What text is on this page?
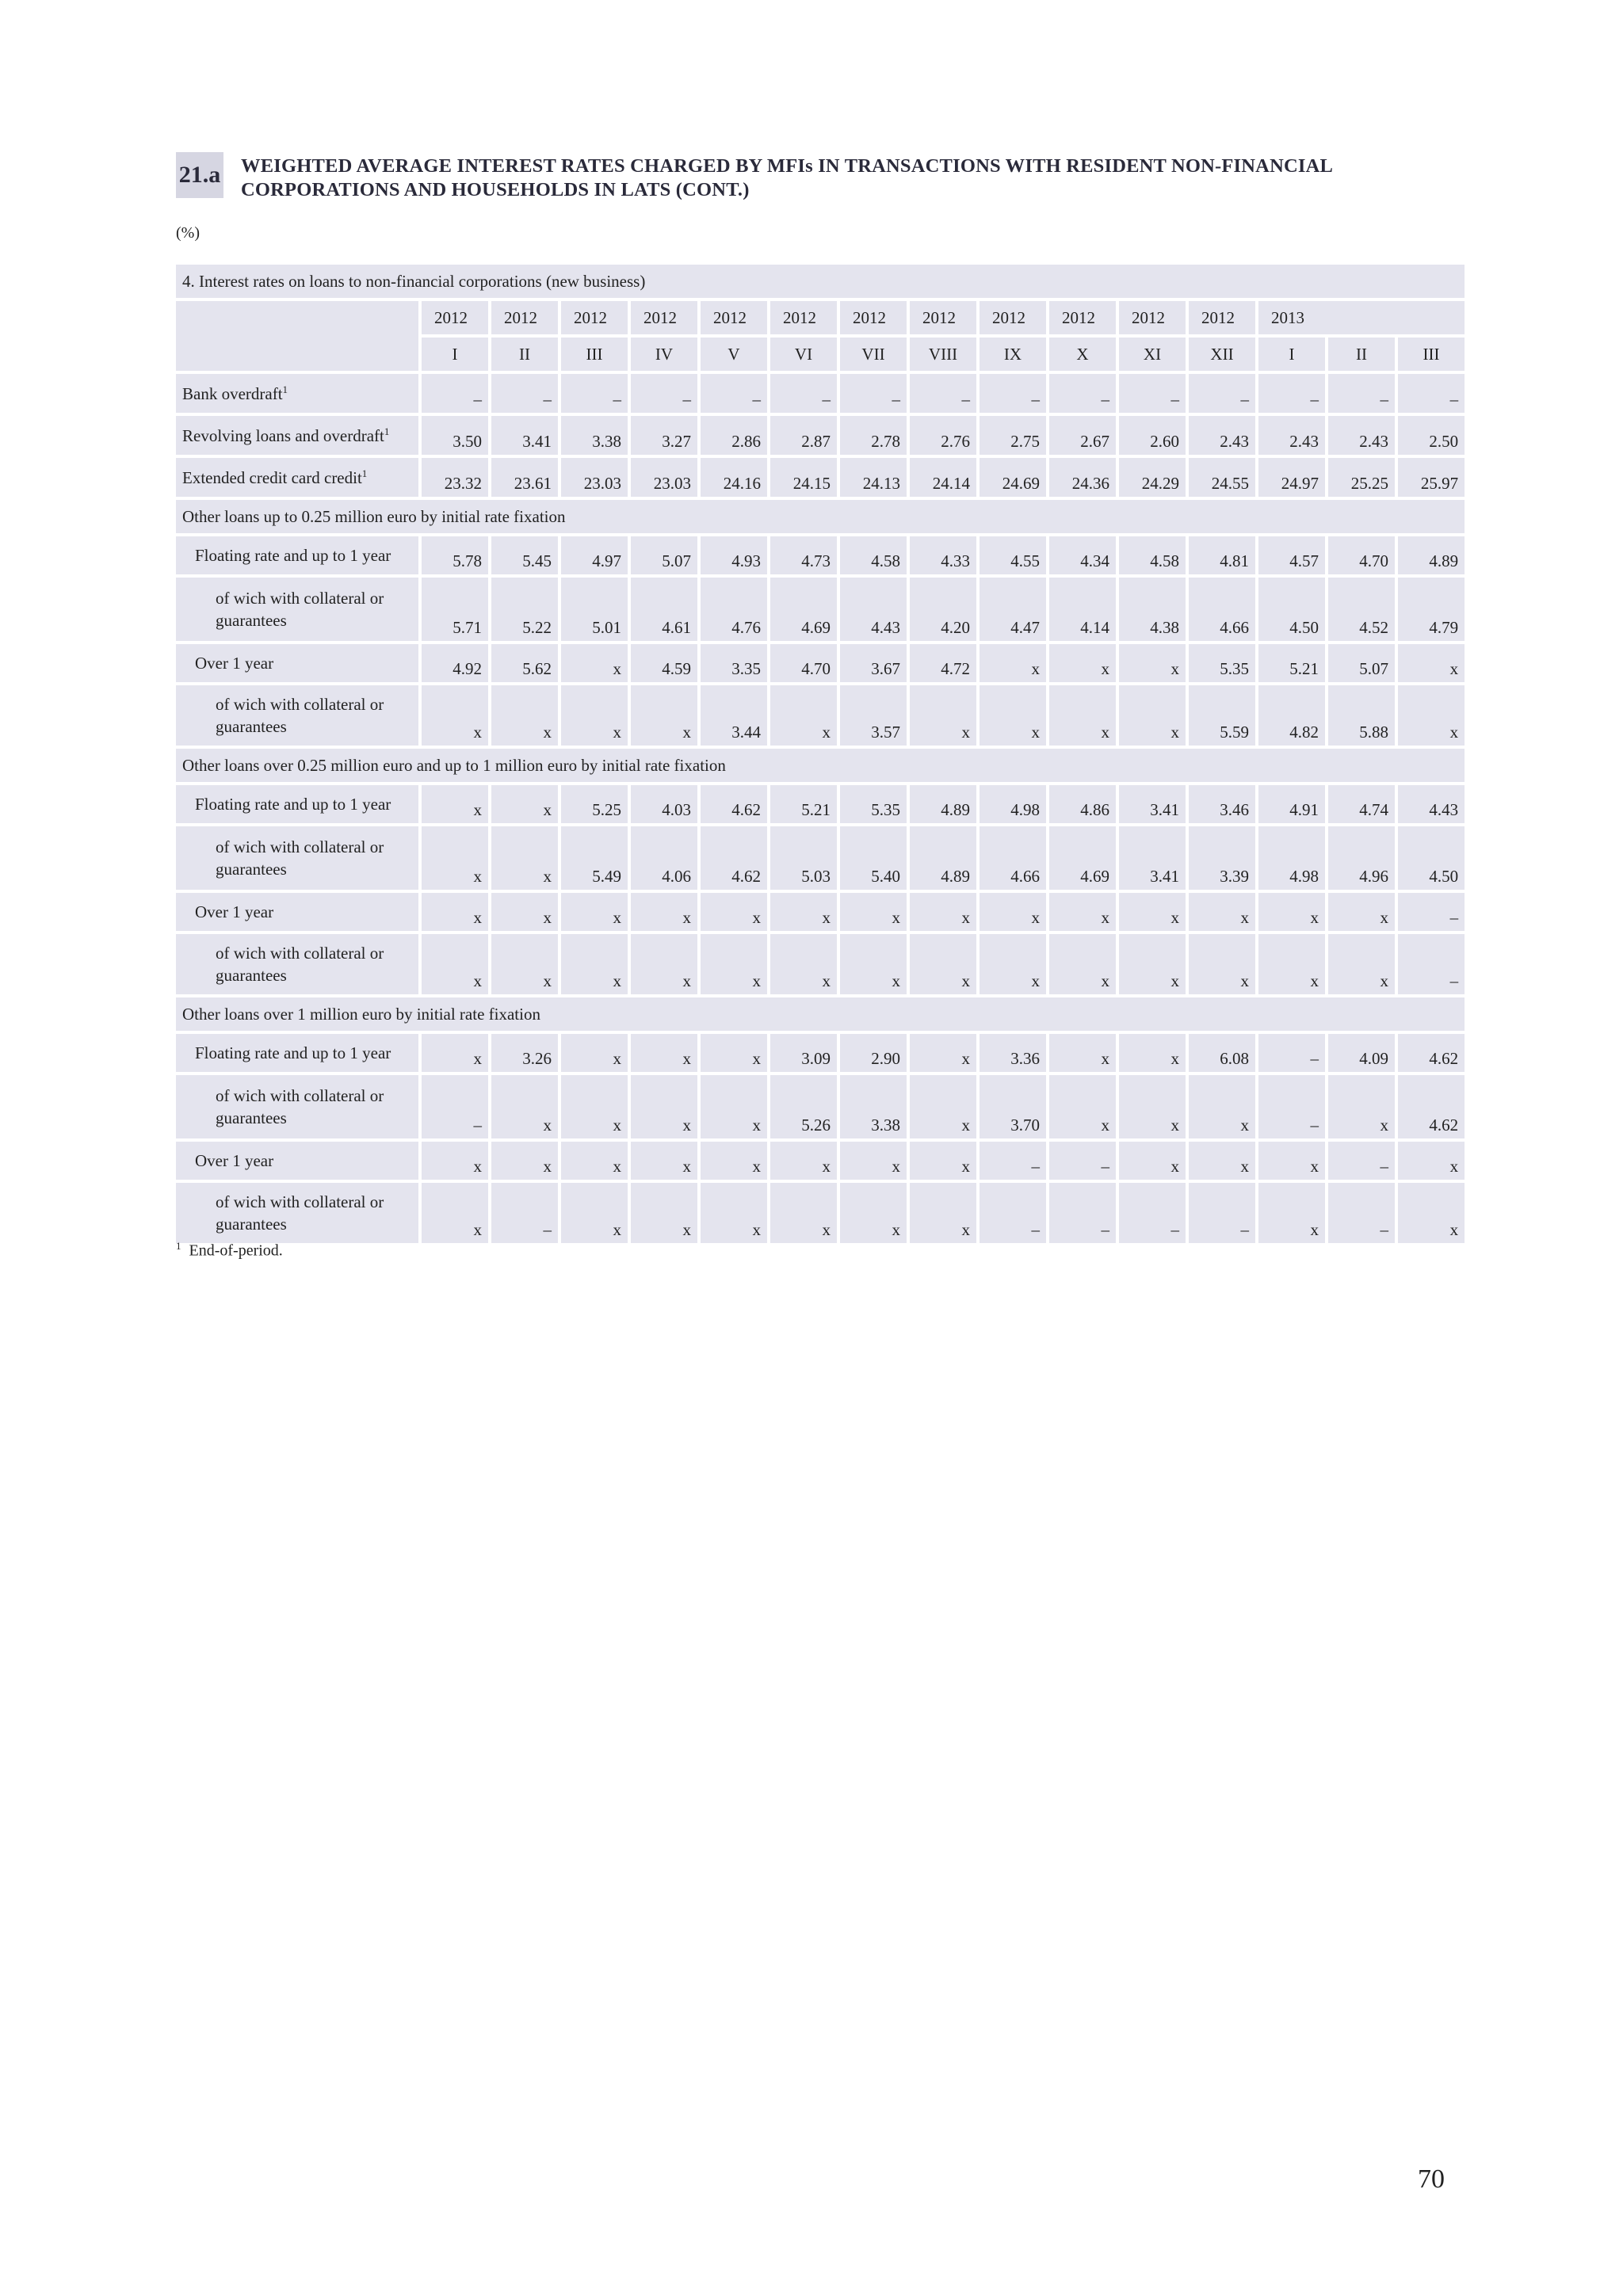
21.a WEIGHTED AVERAGE INTEREST RATES CHARGED BY MFIs IN TRANSACTIONS WITH RESIDENT NON-FINANCIAL
CORPORATIONS AND HOUSEHOLDS IN LATS (CONT.)
(%)
4. Interest rates on loans to non-financial corporations (new business)															
	2012	2012	2012	2012	2012	2012	2012	2012	2012	2012	2012	2012	2013		
	I	II	III	IV	V	VI	VII	VIII	IX	X	XI	XII	I	II	III
Bank overdraft$^1$	–	–	–	–	–	–	–	–	–	–	–	–	–	–	–
Revolving loans and overdraft$^1$	3.50	3.41	3.38	3.27	2.86	2.87	2.78	2.76	2.75	2.67	2.60	2.43	2.43	2.43	2.50
Extended credit card credit$^1$	23.32	23.61	23.03	23.03	24.16	24.15	24.13	24.14	24.69	24.36	24.29	24.55	24.97	25.25	25.97
Other loans up to 0.25 million euro by initial rate fixation															
Floating rate and up to 1 year	5.78	5.45	4.97	5.07	4.93	4.73	4.58	4.33	4.55	4.34	4.58	4.81	4.57	4.70	4.89

of wich with collateral or
guarantees	5.71	5.22	5.01	4.61	4.76	4.69	4.43	4.20	4.47	4.14	4.38	4.66	4.50	4.52	4.79
Over 1 year	4.92	5.62	x	4.59	3.35	4.70	3.67	4.72	x	x	x	5.35	5.21	5.07	x

of wich with collateral or
guarantees	x	x	x	x	3.44	x	3.57	x	x	x	x	5.59	4.82	5.88	x
Other loans over 0.25 million euro and up to 1 million euro by initial rate fixation															
Floating rate and up to 1 year	x	x	5.25	4.03	4.62	5.21	5.35	4.89	4.98	4.86	3.41	3.46	4.91	4.74	4.43

of wich with collateral or
guarantees	x	x	5.49	4.06	4.62	5.03	5.40	4.89	4.66	4.69	3.41	3.39	4.98	4.96	4.50
Over 1 year	x	x	x	x	x	x	x	x	x	x	x	x	x	x	–

of wich with collateral or
guarantees	x	x	x	x	x	x	x	x	x	x	x	x	x	x	–
Other loans over 1 million euro by initial rate fixation															
Floating rate and up to 1 year	x	3.26	x	x	x	3.09	2.90	x	3.36	x	x	6.08	–	4.09	4.62

of wich with collateral or
guarantees	–	x	x	x	x	5.26	3.38	x	3.70	x	x	x	–	x	4.62
Over 1 year	x	x	x	x	x	x	x	x	–	–	x	x	x	–	x

of wich with collateral or
guarantees	x	–	x	x	x	x	x	x	–	–	–	–	x	–	x
$^1$ End-of-period.
70
